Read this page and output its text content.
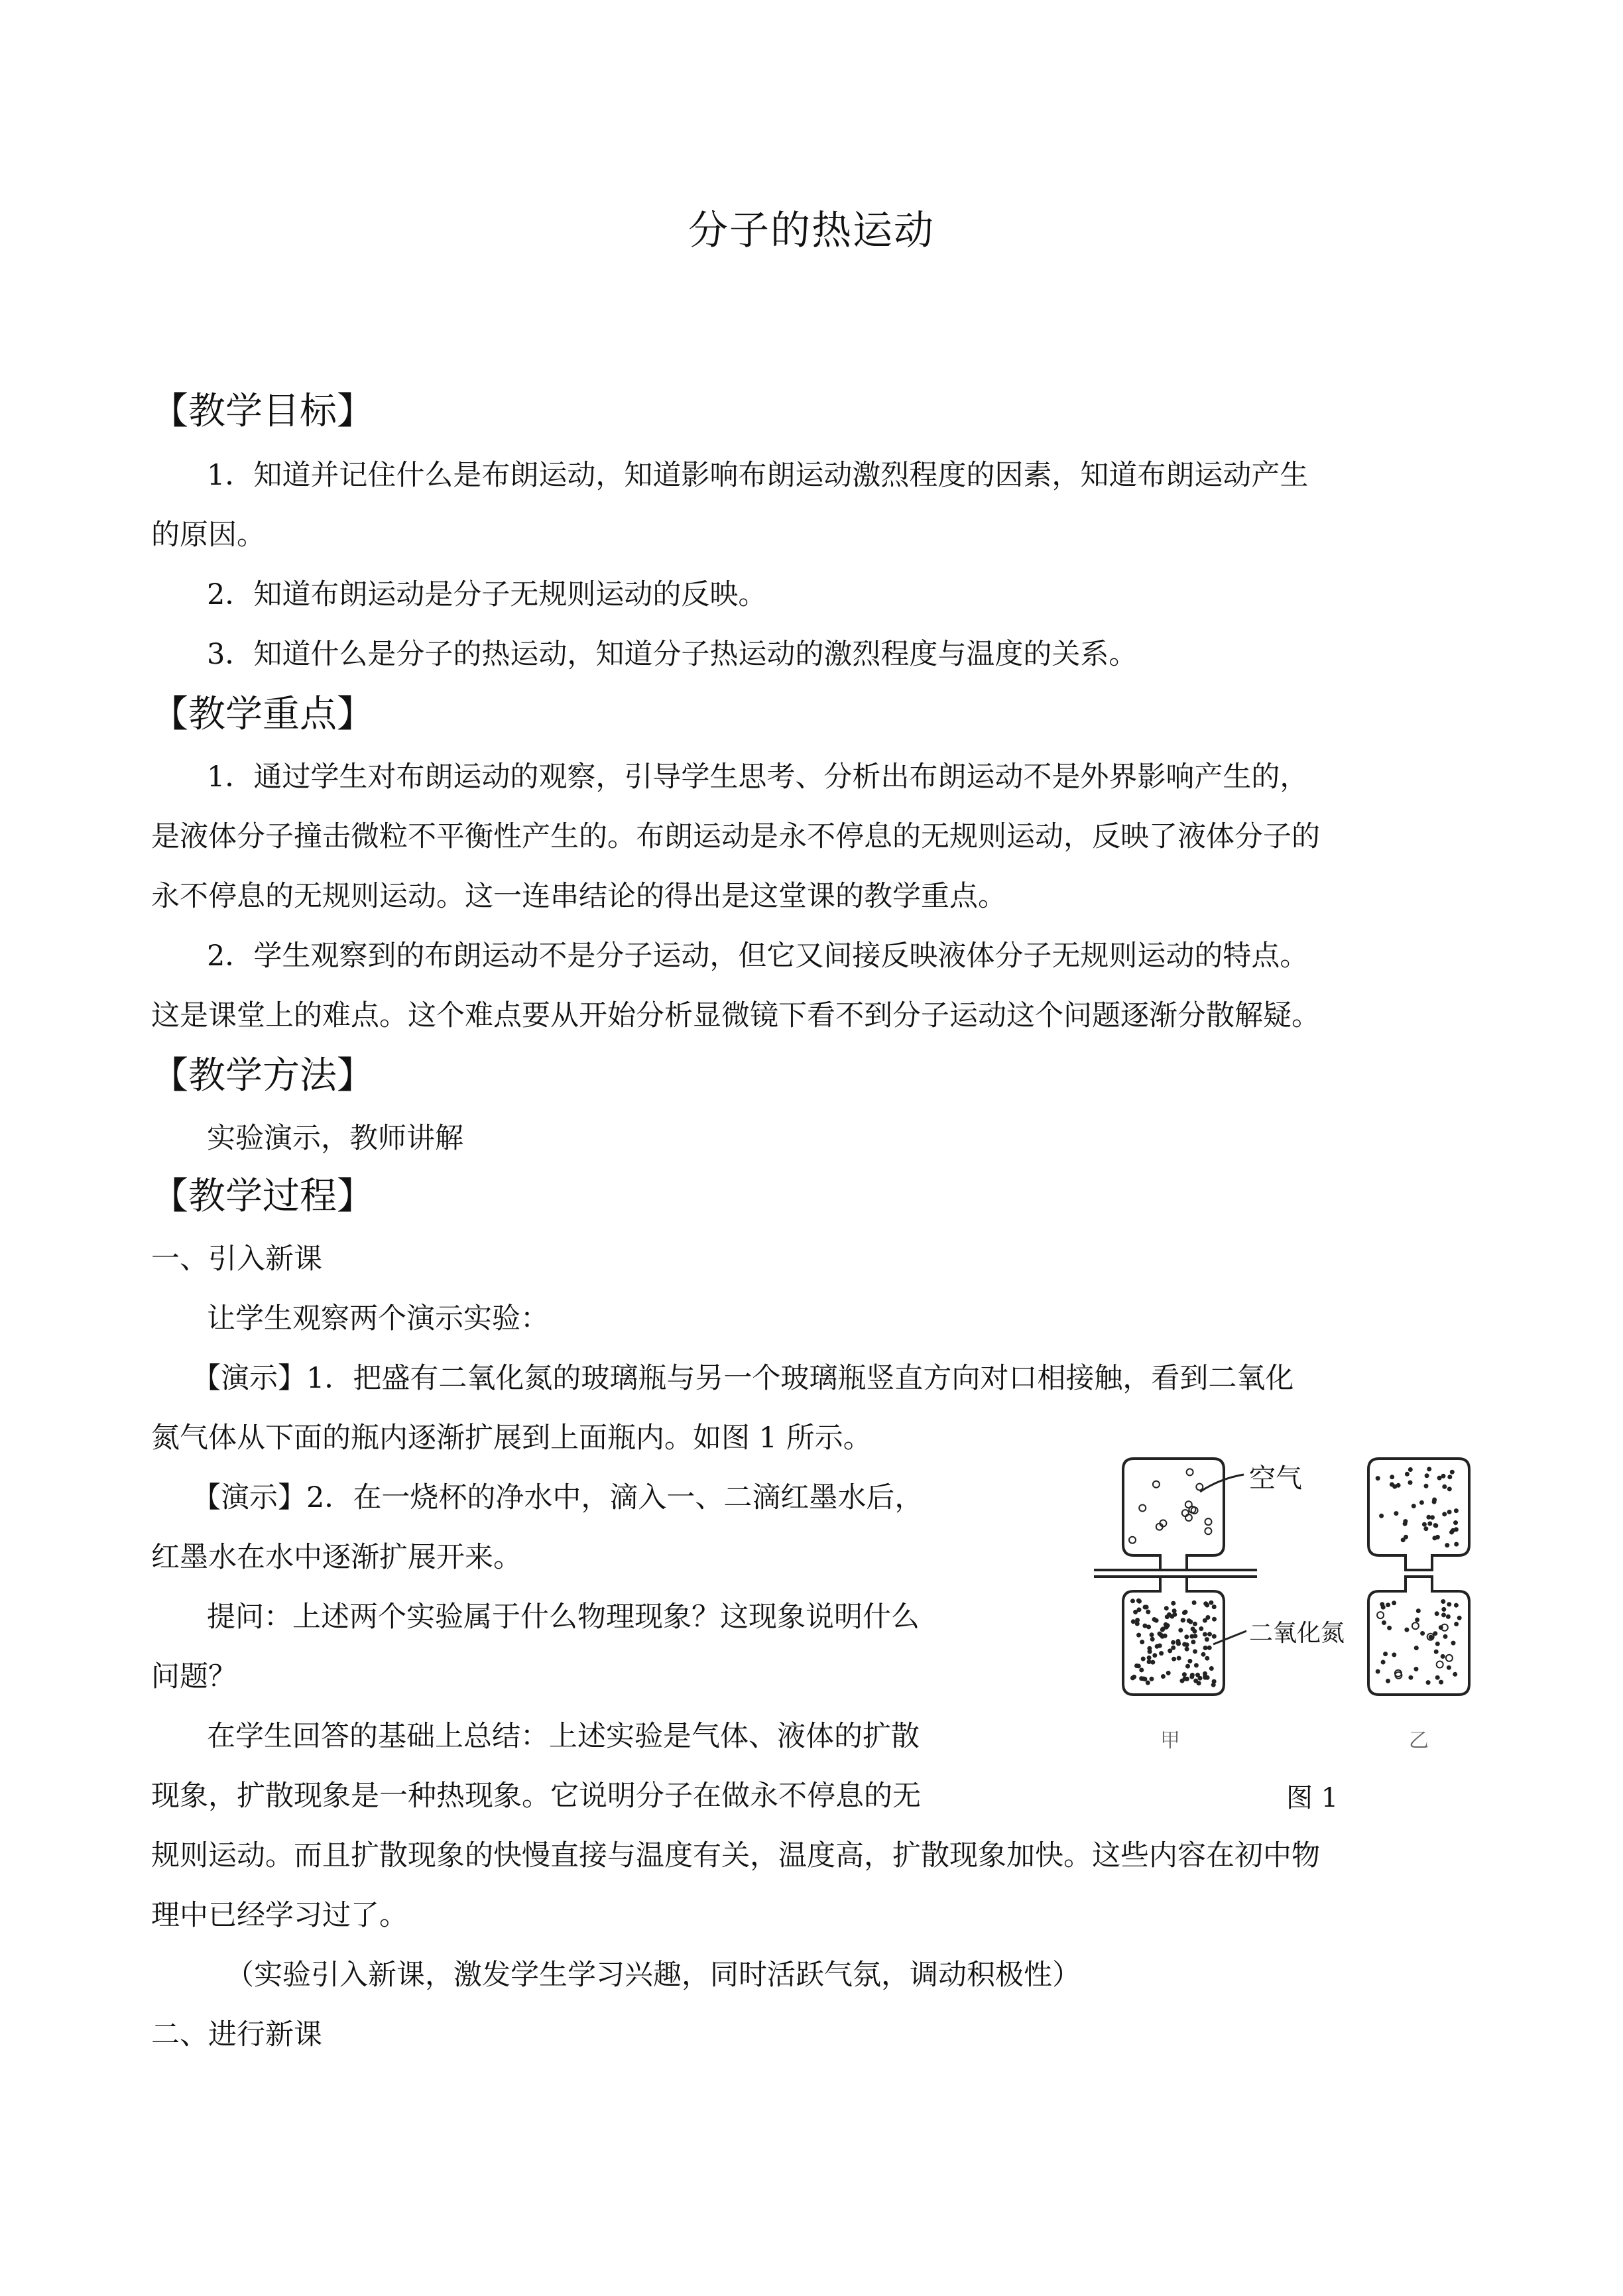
分子的热运动
【教学目标】
1．知道并记住什么是布朗运动，知道影响布朗运动激烈程度的因素，知道布朗运动产生
的原因。
2．知道布朗运动是分子无规则运动的反映。
3．知道什么是分子的热运动，知道分子热运动的激烈程度与温度的关系。
【教学重点】
1．通过学生对布朗运动的观察，引导学生思考、分析出布朗运动不是外界影响产生的，
是液体分子撞击微粒不平衡性产生的。布朗运动是永不停息的无规则运动，反映了液体分子的
永不停息的无规则运动。这一连串结论的得出是这堂课的教学重点。
2．学生观察到的布朗运动不是分子运动，但它又间接反映液体分子无规则运动的特点。
这是课堂上的难点。这个难点要从开始分析显微镜下看不到分子运动这个问题逐渐分散解疑。
【教学方法】
实验演示，教师讲解
【教学过程】
一、引入新课
让学生观察两个演示实验：
【演示】1．把盛有二氧化氮的玻璃瓶与另一个玻璃瓶竖直方向对口相接触，看到二氧化
氮气体从下面的瓶内逐渐扩展到上面瓶内。如图 1 所示。
【演示】2．在一烧杯的净水中，滴入一、二滴红墨水后，
红墨水在水中逐渐扩展开来。
提问：上述两个实验属于什么物理现象？这现象说明什么
问题？
在学生回答的基础上总结：上述实验是气体、液体的扩散
现象，扩散现象是一种热现象。它说明分子在做永不停息的无
规则运动。而且扩散现象的快慢直接与温度有关，温度高，扩散现象加快。这些内容在初中物
理中已经学习过了。
（实验引入新课，激发学生学习兴趣，同时活跃气氛，调动积极性）
二、进行新课
空气
二氧化氮
甲	乙
图 1
